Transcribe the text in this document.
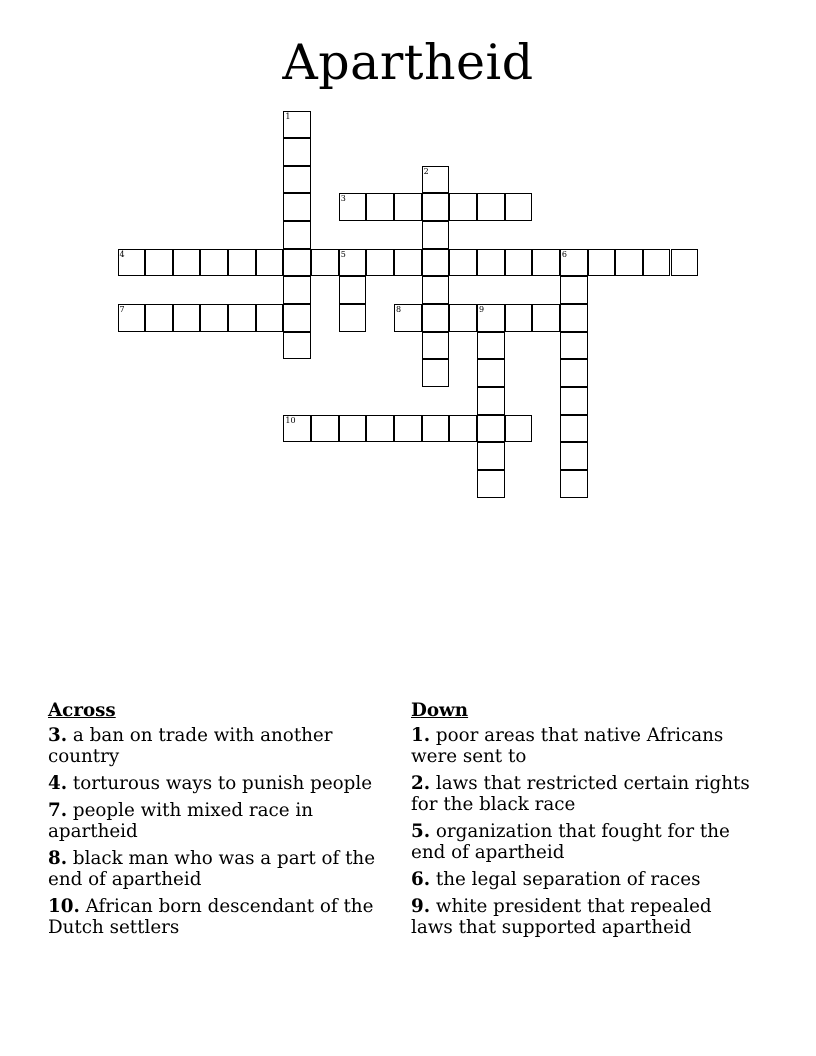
Apartheid
1
2
3
4	5	6
7	8	9
10
Across
3. a ban on trade with another country
4. torturous ways to punish people
7. people with mixed race in apartheid
8. black man who was a part of the end of apartheid
10. African born descendant of the Dutch settlers
Down
1. poor areas that native Africans were sent to
2. laws that restricted certain rights for the black race
5. organization that fought for the end of apartheid
6. the legal separation of races
9. white president that repealed laws that supported apartheid
